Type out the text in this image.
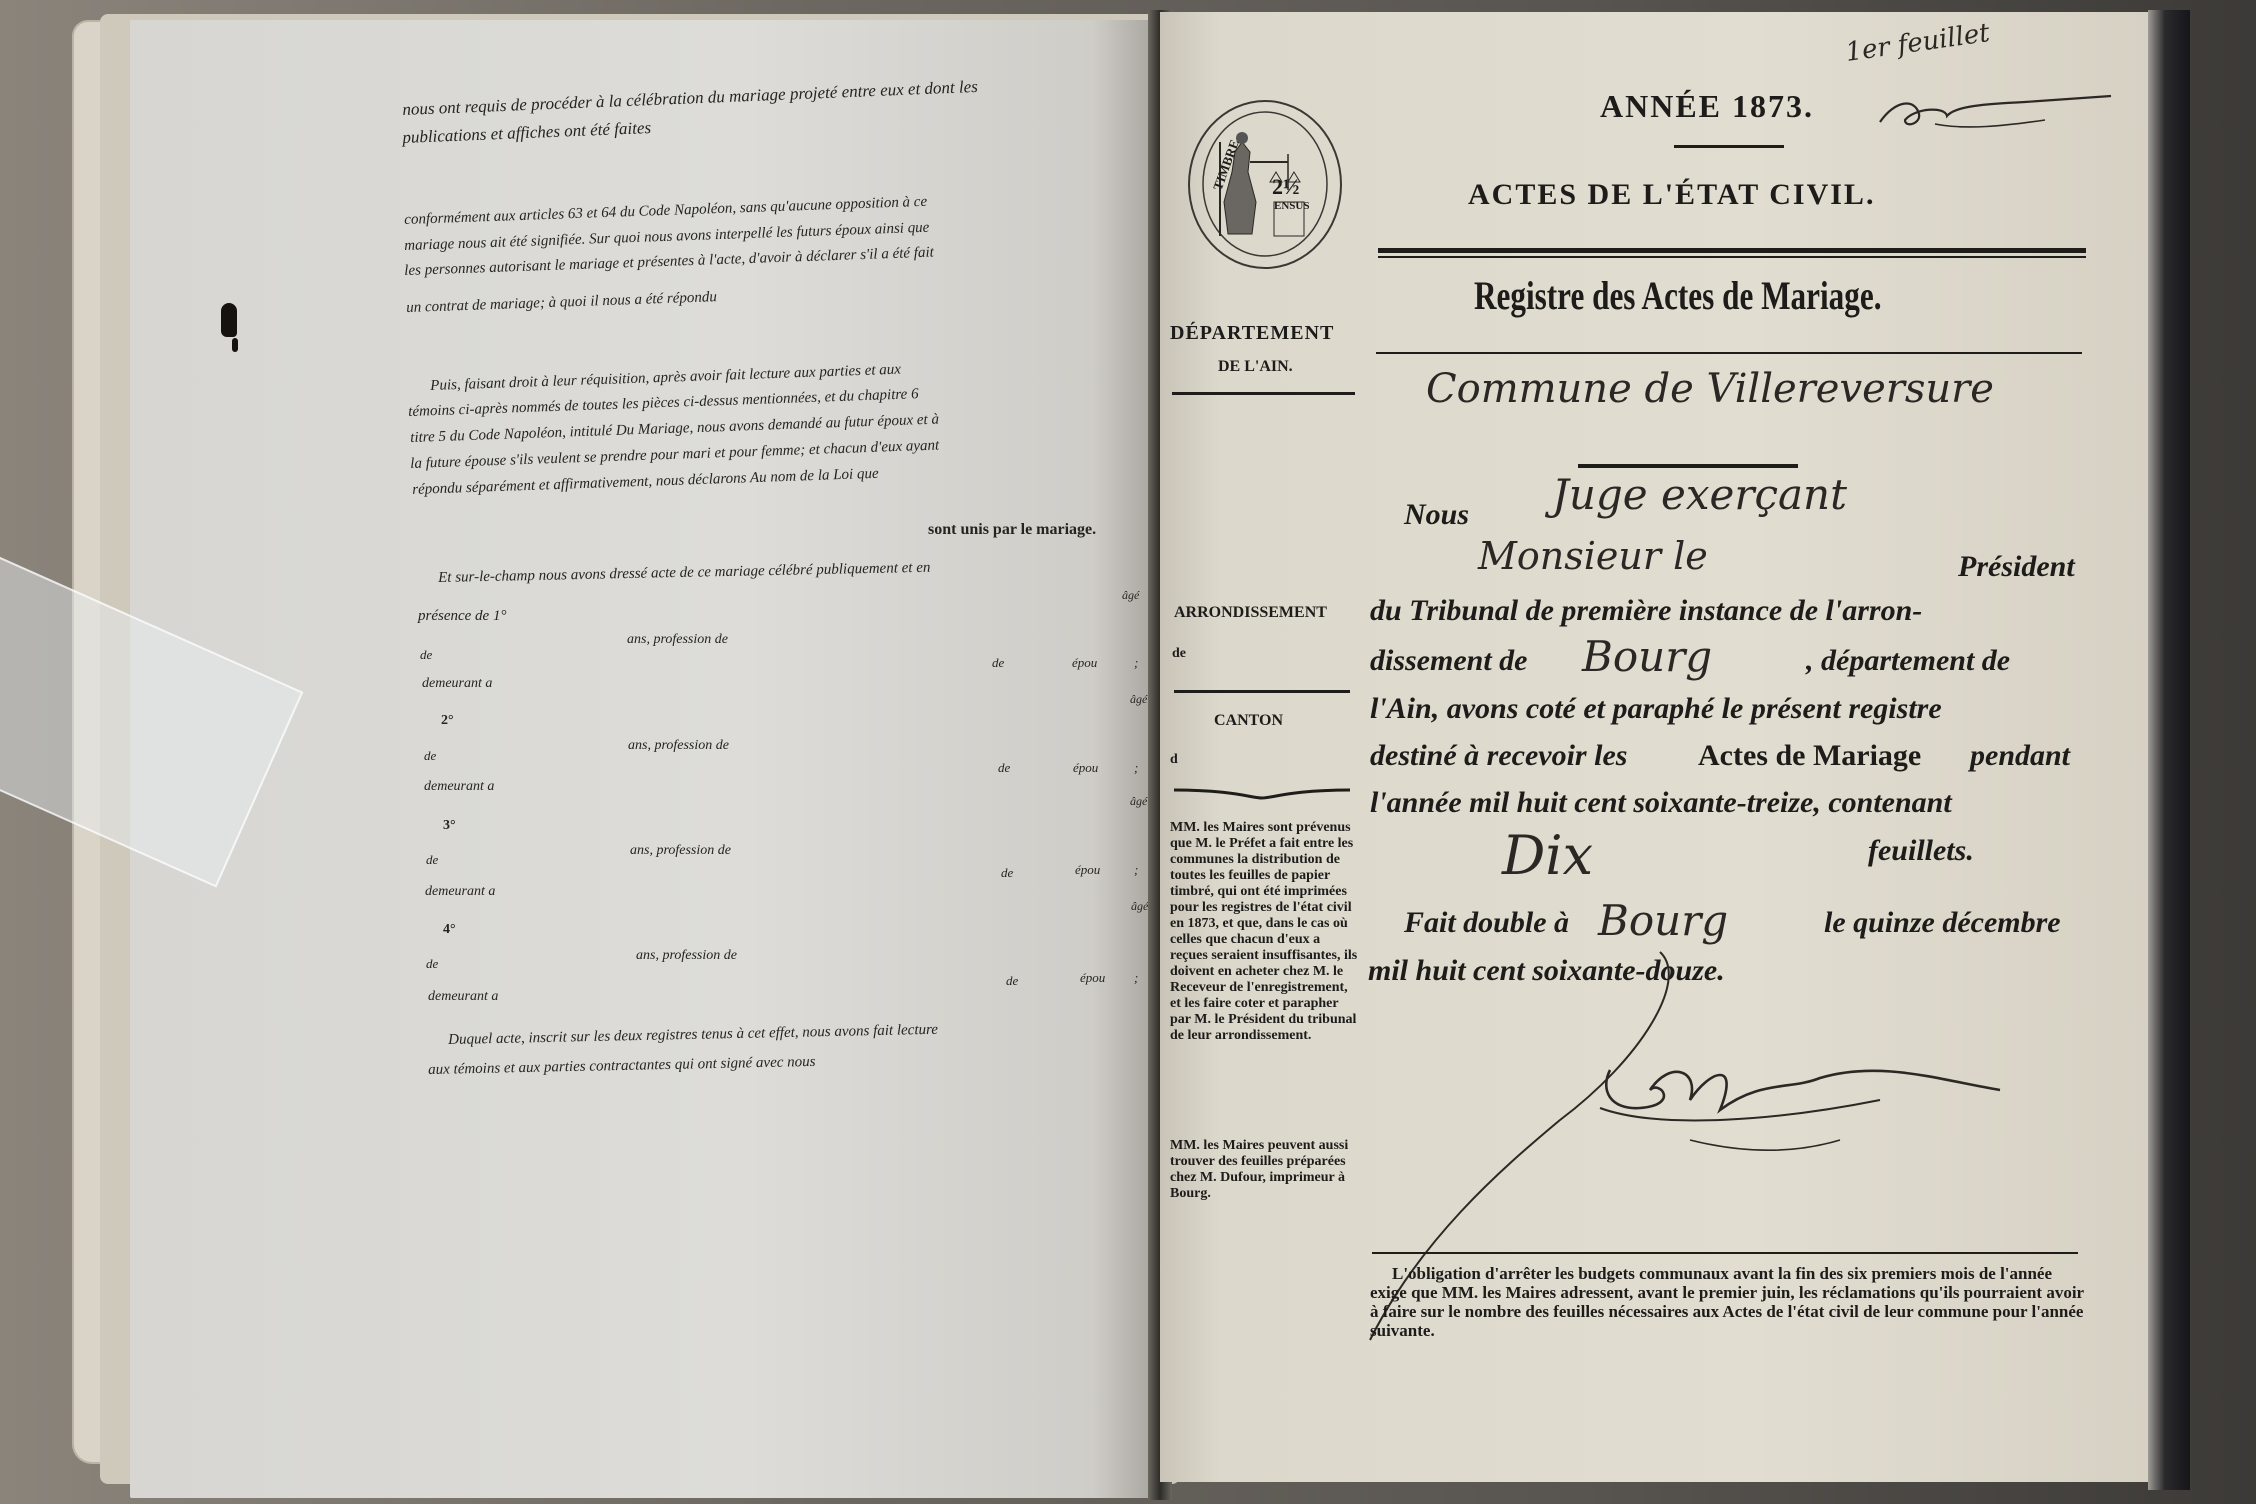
nous ont requis de procéder à la célébration du mariage projeté entre eux et dont les
publications et affiches ont été faites
conformément aux articles 63 et 64 du Code Napoléon, sans qu'aucune opposition à ce
mariage nous ait été signifiée. Sur quoi nous avons interpellé les futurs époux ainsi que
les personnes autorisant le mariage et présentes à l'acte, d'avoir à déclarer s'il a été fait
un contrat de mariage; à quoi il nous a été répondu
Puis, faisant droit à leur réquisition, après avoir fait lecture aux parties et aux
témoins ci-après nommés de toutes les pièces ci-dessus mentionnées, et du chapitre 6
titre 5 du Code Napoléon, intitulé Du Mariage, nous avons demandé au futur époux et à
la future épouse s'ils veulent se prendre pour mari et pour femme; et chacun d'eux ayant
répondu séparément et affirmativement, nous déclarons Au nom de la Loi que
sont unis par le mariage.
Et sur-le-champ nous avons dressé acte de ce mariage célébré publiquement et en
âgé
présence de 1°
de
ans, profession de
de	épou	;
demeurant a
âgé
2°
de
ans, profession de
de	épou	;
demeurant a
âgé
3°
de
ans, profession de
de	épou	;
demeurant a
âgé
4°
de
ans, profession de
de	épou ;
demeurant a
Duquel acte, inscrit sur les deux registres tenus à cet effet, nous avons fait lecture
aux témoins et aux parties contractantes qui ont signé avec nous
TIMBRE 2½
ENSUS
1er feuillet
ANNÉE 1873.
ACTES DE L'ÉTAT CIVIL.
Registre des Actes de Mariage.
DÉPARTEMENT
DE L'AIN.	Commune de Villereversure
Nous Juge exerçant
Monsieur le	Président
ARRONDISSEMENT
de
CANTON
d
du Tribunal de première instance de l'arron-
dissement de Bourg	, département de
l'Ain, avons coté et paraphé le présent registre
destiné à recevoir les Actes de Mariage pendant
l'année mil huit cent soixante-treize, contenant
Dix	feuillets.
Fait double à Bourg	le quinze décembre
mil huit cent soixante-douze.
MM. les Maires sont prévenus que M. le Préfet a fait entre les communes la distribution de toutes les feuilles de papier timbré, qui ont été imprimées pour les registres de l'état civil en 1873, et que, dans le cas où celles que chacun d'eux a reçues seraient insuffisantes, ils doivent en acheter chez M. le Receveur de l'enregistrement, et les faire coter et parapher par M. le Président du tribunal de leur arrondissement.
MM. les Maires peuvent aussi trouver des feuilles préparées chez M. Dufour, imprimeur à Bourg.
L'obligation d'arrêter les budgets communaux avant la fin des six premiers mois de l'année exige que MM. les Maires adressent, avant le premier juin, les réclamations qu'ils pourraient avoir à faire sur le nombre des feuilles nécessaires aux Actes de l'état civil de leur commune pour l'année suivante.
